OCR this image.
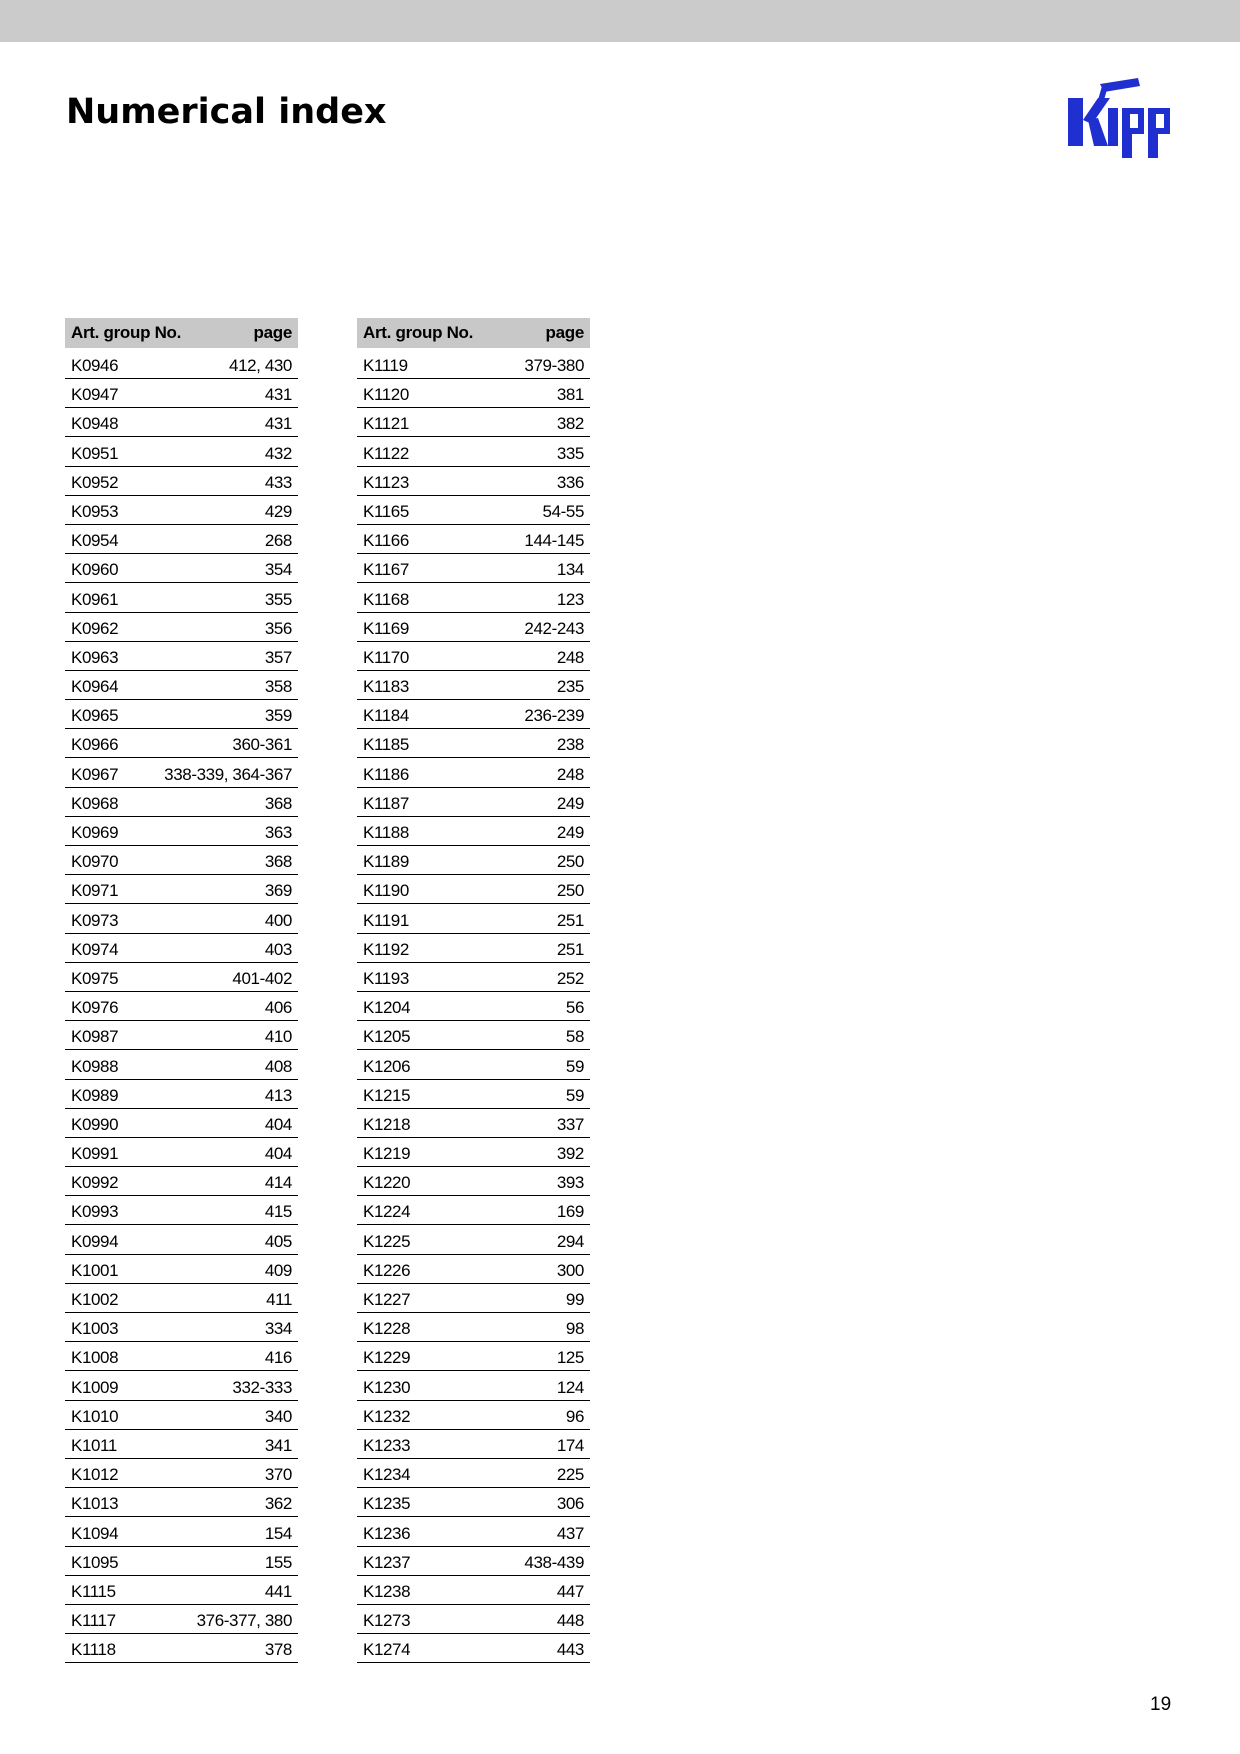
Numerical index
Art. group No.	page
K0946	412, 430
K0947	431
K0948	431
K0951	432
K0952	433
K0953	429
K0954	268
K0960	354
K0961	355
K0962	356
K0963	357
K0964	358
K0965	359
K0966	360-361
K0967	338-339, 364-367
K0968	368
K0969	363
K0970	368
K0971	369
K0973	400
K0974	403
K0975	401-402
K0976	406
K0987	410
K0988	408
K0989	413
K0990	404
K0991	404
K0992	414
K0993	415
K0994	405
K1001	409
K1002	411
K1003	334
K1008	416
K1009	332-333
K1010	340
K1011	341
K1012	370
K1013	362
K1094	154
K1095	155
K1115	441
K1117	376-377, 380
K1118	378
Art. group No.	page
K1119	379-380
K1120	381
K1121	382
K1122	335
K1123	336
K1165	54-55
K1166	144-145
K1167	134
K1168	123
K1169	242-243
K1170	248
K1183	235
K1184	236-239
K1185	238
K1186	248
K1187	249
K1188	249
K1189	250
K1190	250
K1191	251
K1192	251
K1193	252
K1204	56
K1205	58
K1206	59
K1215	59
K1218	337
K1219	392
K1220	393
K1224	169
K1225	294
K1226	300
K1227	99
K1228	98
K1229	125
K1230	124
K1232	96
K1233	174
K1234	225
K1235	306
K1236	437
K1237	438-439
K1238	447
K1273	448
K1274	443
19
